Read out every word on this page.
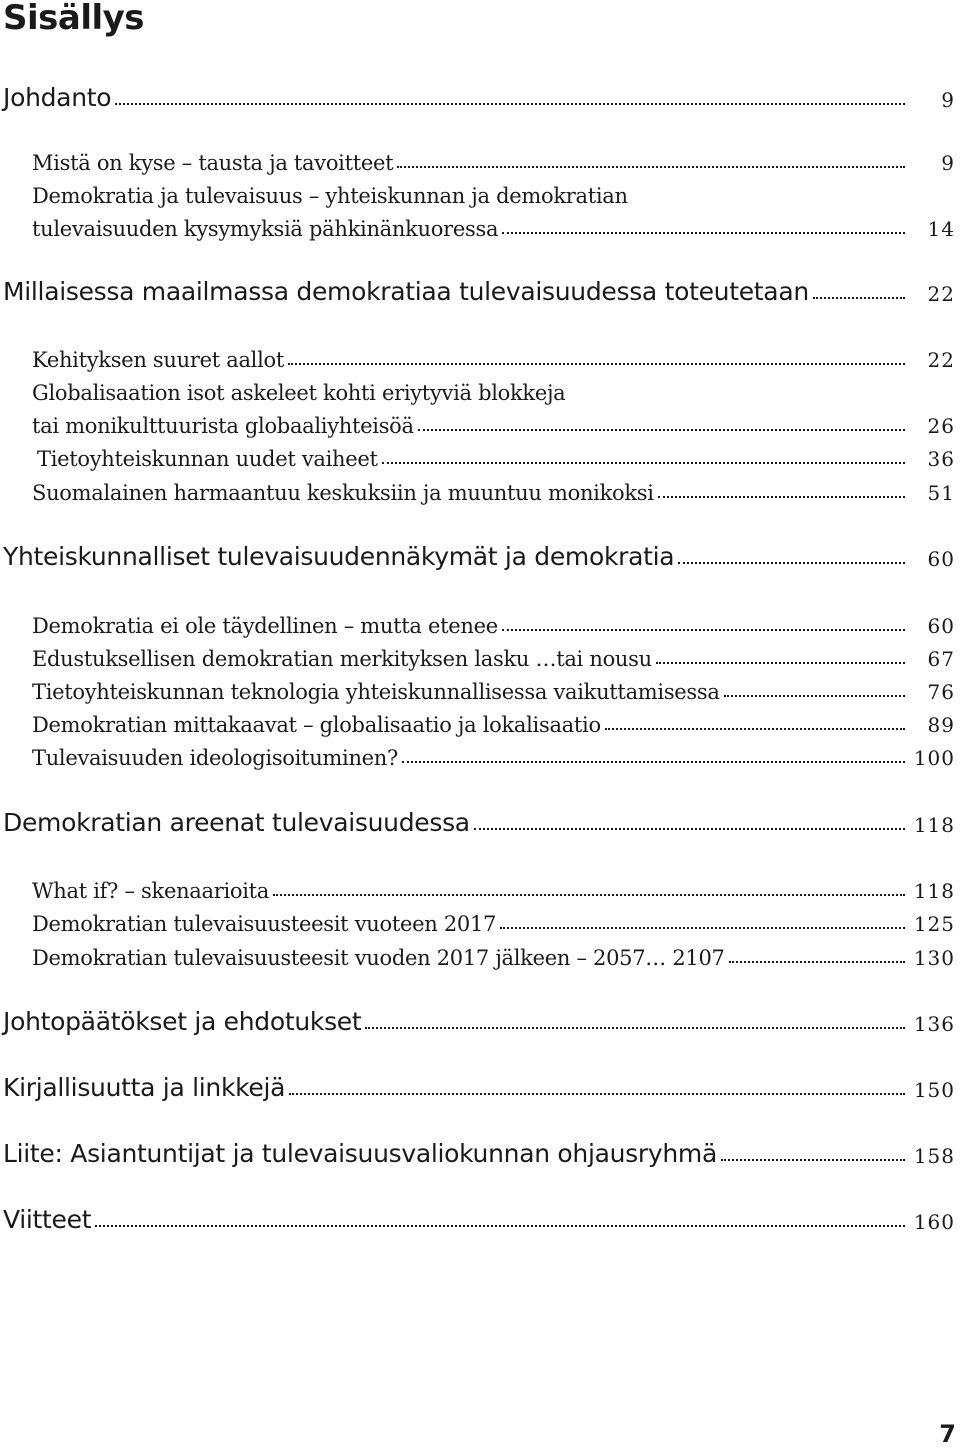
Sisällys
Johdanto	9
Mistä on kyse – tausta ja tavoitteet	9
Demokratia ja tulevaisuus – yhteiskunnan ja demokratian
tulevaisuuden kysymyksiä pähkinänkuoressa	14
Millaisessa maailmassa demokratiaa tulevaisuudessa toteutetaan	22
Kehityksen suuret aallot	22
Globalisaation isot askeleet kohti eriytyviä blokkeja
tai monikulttuurista globaaliyhteisöä	26
Tietoyhteiskunnan uudet vaiheet	36
Suomalainen harmaantuu keskuksiin ja muuntuu monikoksi	51
Yhteiskunnalliset tulevaisuudennäkymät ja demokratia	60
Demokratia ei ole täydellinen – mutta etenee	60
Edustuksellisen demokratian merkityksen lasku …tai nousu	67
Tietoyhteiskunnan teknologia yhteiskunnallisessa vaikuttamisessa	76
Demokratian mittakaavat – globalisaatio ja lokalisaatio	89
Tulevaisuuden ideologisoituminen?	100
Demokratian areenat tulevaisuudessa	118
What if? – skenaarioita	118
Demokratian tulevaisuusteesit vuoteen 2017	125
Demokratian tulevaisuusteesit vuoden 2017 jälkeen – 2057… 2107	130
Johtopäätökset ja ehdotukset	136
Kirjallisuutta ja linkkejä	150
Liite: Asiantuntijat ja tulevaisuusvaliokunnan ohjausryhmä	158
Viitteet	160
7
